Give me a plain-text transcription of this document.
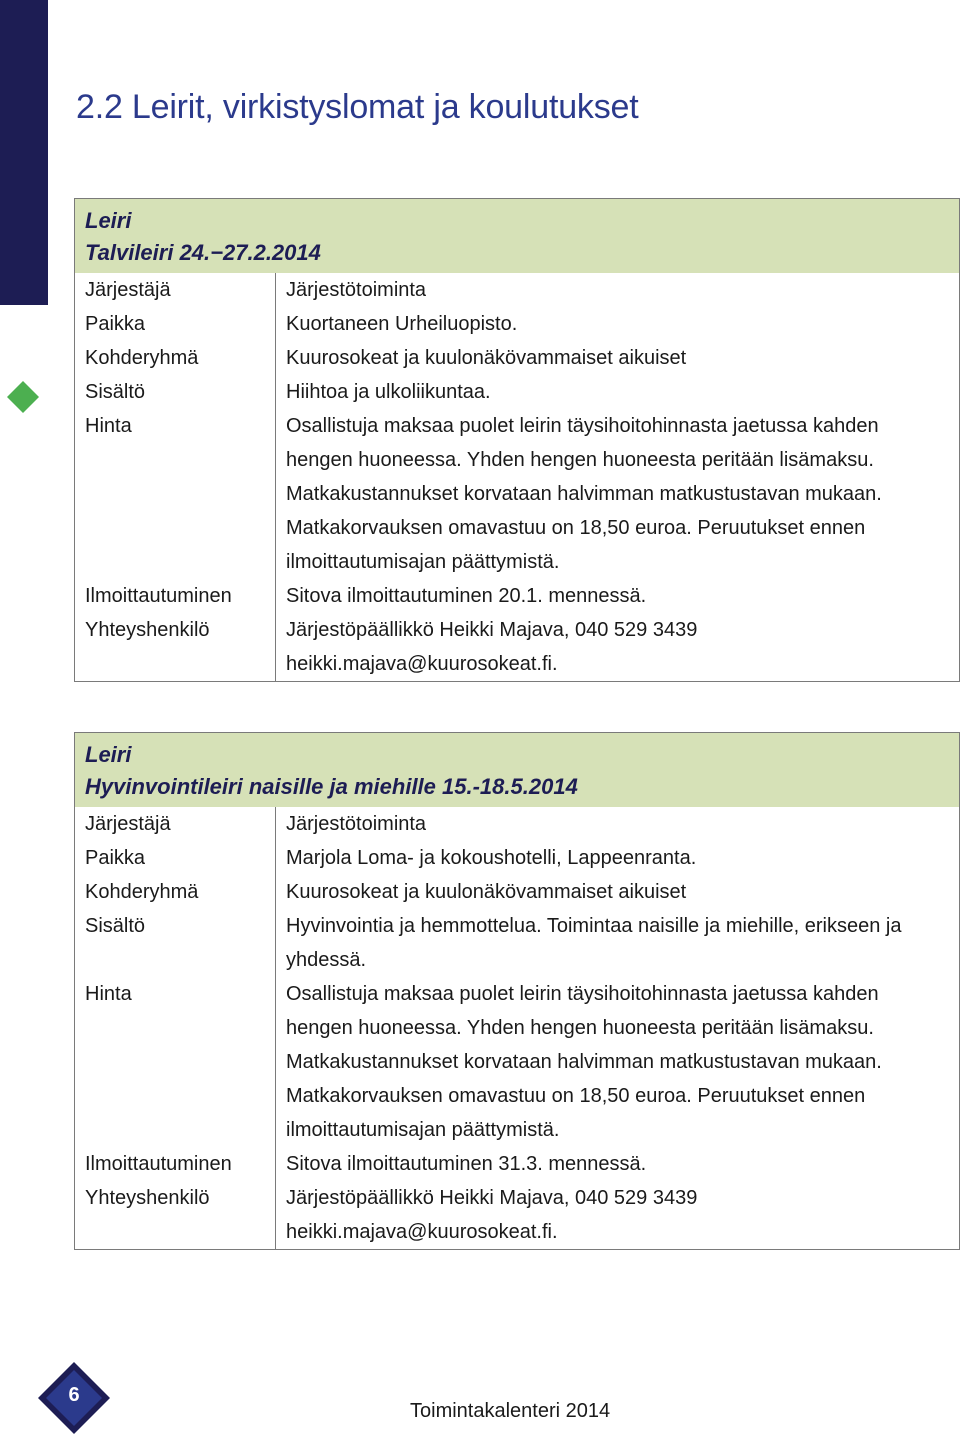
2.2 Leirit, virkistyslomat ja koulutukset
Leiri
Talvileiri 24.−27.2.2014
Järjestäjä	Järjestötoiminta
Paikka	Kuortaneen Urheiluopisto.
Kohderyhmä	Kuurosokeat ja kuulonäkövammaiset aikuiset
Sisältö	Hiihtoa ja ulkoliikuntaa.
Hinta	Osallistuja maksaa puolet leirin täysihoitohinnasta jaetussa kahden hengen huoneessa. Yhden hengen huoneesta peritään lisämaksu. Matkakustannukset korvataan halvimman matkustustavan mukaan. Matkakorvauksen omavastuu on 18,50 euroa. Peruutukset ennen ilmoittautumisajan päättymistä.
Ilmoittautuminen	Sitova ilmoittautuminen 20.1. mennessä.
Yhteyshenkilö	Järjestöpäällikkö Heikki Majava, 040 529 3439 heikki.majava@kuurosokeat.fi.
Leiri
Hyvinvointileiri naisille ja miehille 15.-18.5.2014
Järjestäjä	Järjestötoiminta
Paikka	Marjola Loma- ja kokoushotelli, Lappeenranta.
Kohderyhmä	Kuurosokeat ja kuulonäkövammaiset aikuiset
Sisältö	Hyvinvointia ja hemmottelua. Toimintaa naisille ja miehille, erikseen ja yhdessä.
Hinta	Osallistuja maksaa puolet leirin täysihoitohinnasta jaetussa kahden hengen huoneessa. Yhden hengen huoneesta peritään lisämaksu. Matkakustannukset korvataan halvimman matkustustavan mukaan. Matkakorvauksen omavastuu on 18,50 euroa. Peruutukset ennen ilmoittautumisajan päättymistä.
Ilmoittautuminen	Sitova ilmoittautuminen 31.3. mennessä.
Yhteyshenkilö	Järjestöpäällikkö Heikki Majava, 040 529 3439 heikki.majava@kuurosokeat.fi.
6
Toimintakalenteri 2014
